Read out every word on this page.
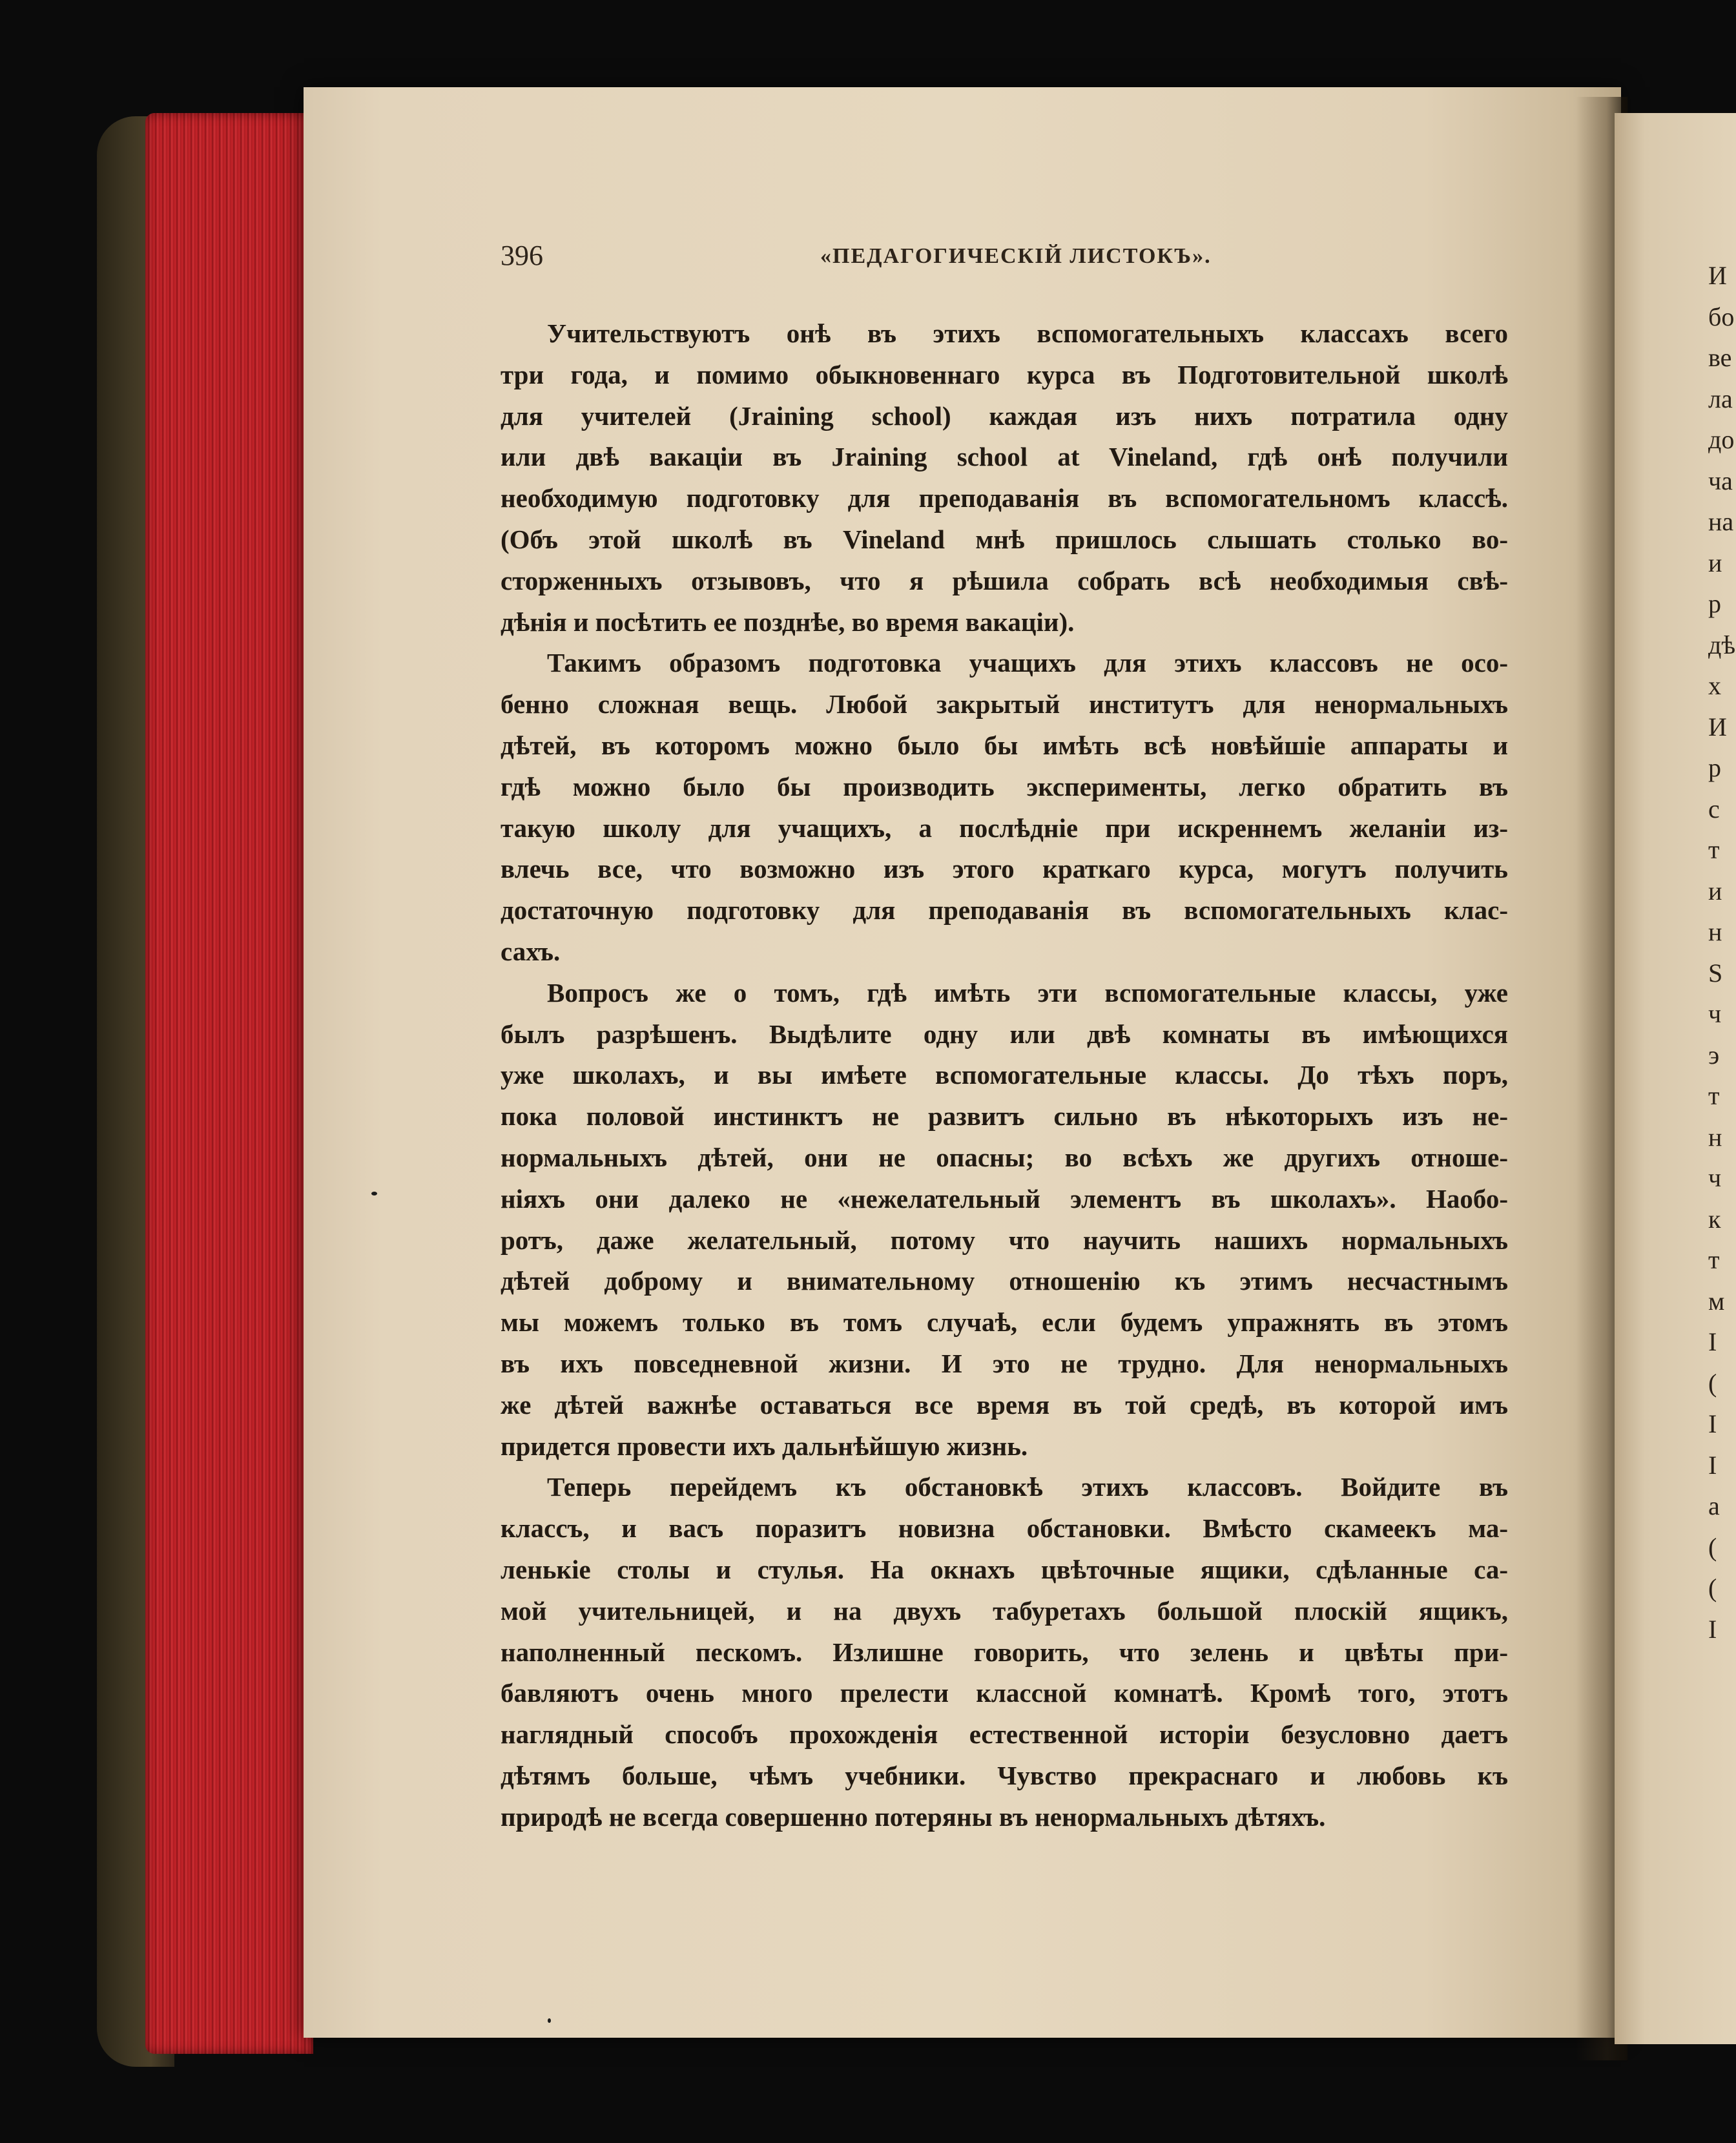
И
бо
ве
ла
до
ча
на
и
р
дѣ
х
И
р
с
т
и
н
S
ч
э
т
н
ч
к
т
м
I
(
I
I
а
(
(
I
396	«ПЕДАГОГИЧЕСКІЙ ЛИСТОКЪ».
Учительствуютъ онѣ въ этихъ вспомогательныхъ классахъ всего
три года, и помимо обыкновеннаго курса въ Подготовительной школѣ
для учителей (Jraining school) каждая изъ нихъ потратила одну
или двѣ вакаціи въ Jraining school at Vineland, гдѣ онѣ получили
необходимую подготовку для преподаванія въ вспомогательномъ классѣ.
(Объ этой школѣ въ Vineland мнѣ пришлось слышать столько во-
сторженныхъ отзывовъ, что я рѣшила собрать всѣ необходимыя свѣ-
дѣнія и посѣтить ее позднѣе, во время вакаціи).
Такимъ образомъ подготовка учащихъ для этихъ классовъ не осо-
бенно сложная вещь. Любой закрытый институтъ для ненормальныхъ
дѣтей, въ которомъ можно было бы имѣть всѣ новѣйшіе аппараты и
гдѣ можно было бы производить эксперименты, легко обратить въ
такую школу для учащихъ, а послѣдніе при искреннемъ желаніи из-
влечь все, что возможно изъ этого краткаго курса, могутъ получить
достаточную подготовку для преподаванія въ вспомогательныхъ клас-
сахъ.
Вопросъ же о томъ, гдѣ имѣть эти вспомогательные классы, уже
былъ разрѣшенъ. Выдѣлите одну или двѣ комнаты въ имѣющихся
уже школахъ, и вы имѣете вспомогательные классы. До тѣхъ поръ,
пока половой инстинктъ не развитъ сильно въ нѣкоторыхъ изъ не-
нормальныхъ дѣтей, они не опасны; во всѣхъ же другихъ отноше-
ніяхъ они далеко не «нежелательный элементъ въ школахъ». Наобо-
ротъ, даже желательный, потому что научить нашихъ нормальныхъ
дѣтей доброму и внимательному отношенію къ этимъ несчастнымъ
мы можемъ только въ томъ случаѣ, если будемъ упражнять въ этомъ
въ ихъ повседневной жизни. И это не трудно. Для ненормальныхъ
же дѣтей важнѣе оставаться все время въ той средѣ, въ которой имъ
придется провести ихъ дальнѣйшую жизнь.
Теперь перейдемъ къ обстановкѣ этихъ классовъ. Войдите въ
классъ, и васъ поразитъ новизна обстановки. Вмѣсто скамеекъ ма-
ленькіе столы и стулья. На окнахъ цвѣточные ящики, сдѣланные са-
мой учительницей, и на двухъ табуретахъ большой плоскій ящикъ,
наполненный пескомъ. Излишне говорить, что зелень и цвѣты при-
бавляютъ очень много прелести классной комнатѣ. Кромѣ того, этотъ
наглядный способъ прохожденія естественной исторіи безусловно даетъ
дѣтямъ больше, чѣмъ учебники. Чувство прекраснаго и любовь къ
природѣ не всегда совершенно потеряны въ ненормальныхъ дѣтяхъ.
